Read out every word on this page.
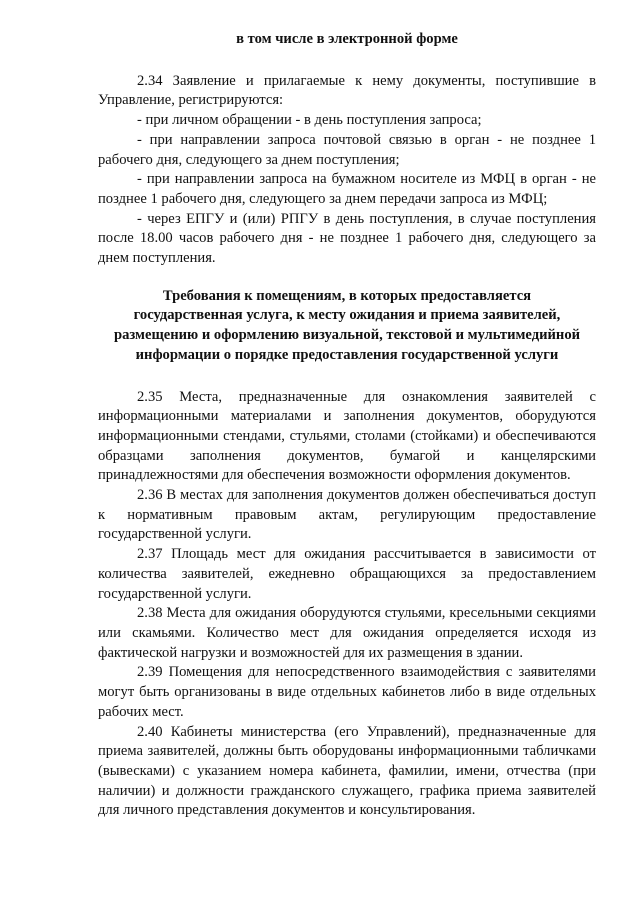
в том числе в электронной форме

2.34 Заявление и прилагаемые к нему документы, поступившие в Управление, регистрируются:

- при личном обращении - в день поступления запроса;

- при направлении запроса почтовой связью в орган - не позднее 1 рабочего дня, следующего за днем поступления;

- при направлении запроса на бумажном носителе из МФЦ в орган - не позднее 1 рабочего дня, следующего за днем передачи запроса из МФЦ;

- через ЕПГУ и (или) РПГУ в день поступления, в случае поступления после 18.00 часов рабочего дня - не позднее 1 рабочего дня, следующего за днем поступления.

Требования к помещениям, в которых предоставляется
государственная услуга, к месту ожидания и приема заявителей,
размещению и оформлению визуальной, текстовой и мультимедийной
информации о порядке предоставления государственной услуги

2.35 Места, предназначенные для ознакомления заявителей с информационными материалами и заполнения документов, оборудуются информационными стендами, стульями, столами (стойками) и обеспечиваются образцами заполнения документов, бумагой и канцелярскими принадлежностями для обеспечения возможности оформления документов.

2.36 В местах для заполнения документов должен обеспечиваться доступ к нормативным правовым актам, регулирующим предоставление государственной услуги.

2.37 Площадь мест для ожидания рассчитывается в зависимости от количества заявителей, ежедневно обращающихся за предоставлением государственной услуги.

2.38 Места для ожидания оборудуются стульями, кресельными секциями или скамьями. Количество мест для ожидания определяется исходя из фактической нагрузки и возможностей для их размещения в здании.

2.39 Помещения для непосредственного взаимодействия с заявителями могут быть организованы в виде отдельных кабинетов либо в виде отдельных рабочих мест.

2.40 Кабинеты министерства (его Управлений), предназначенные для приема заявителей, должны быть оборудованы информационными табличками (вывесками) с указанием номера кабинета, фамилии, имени, отчества (при наличии) и должности гражданского служащего, графика приема заявителей для личного представления документов и консультирования.
